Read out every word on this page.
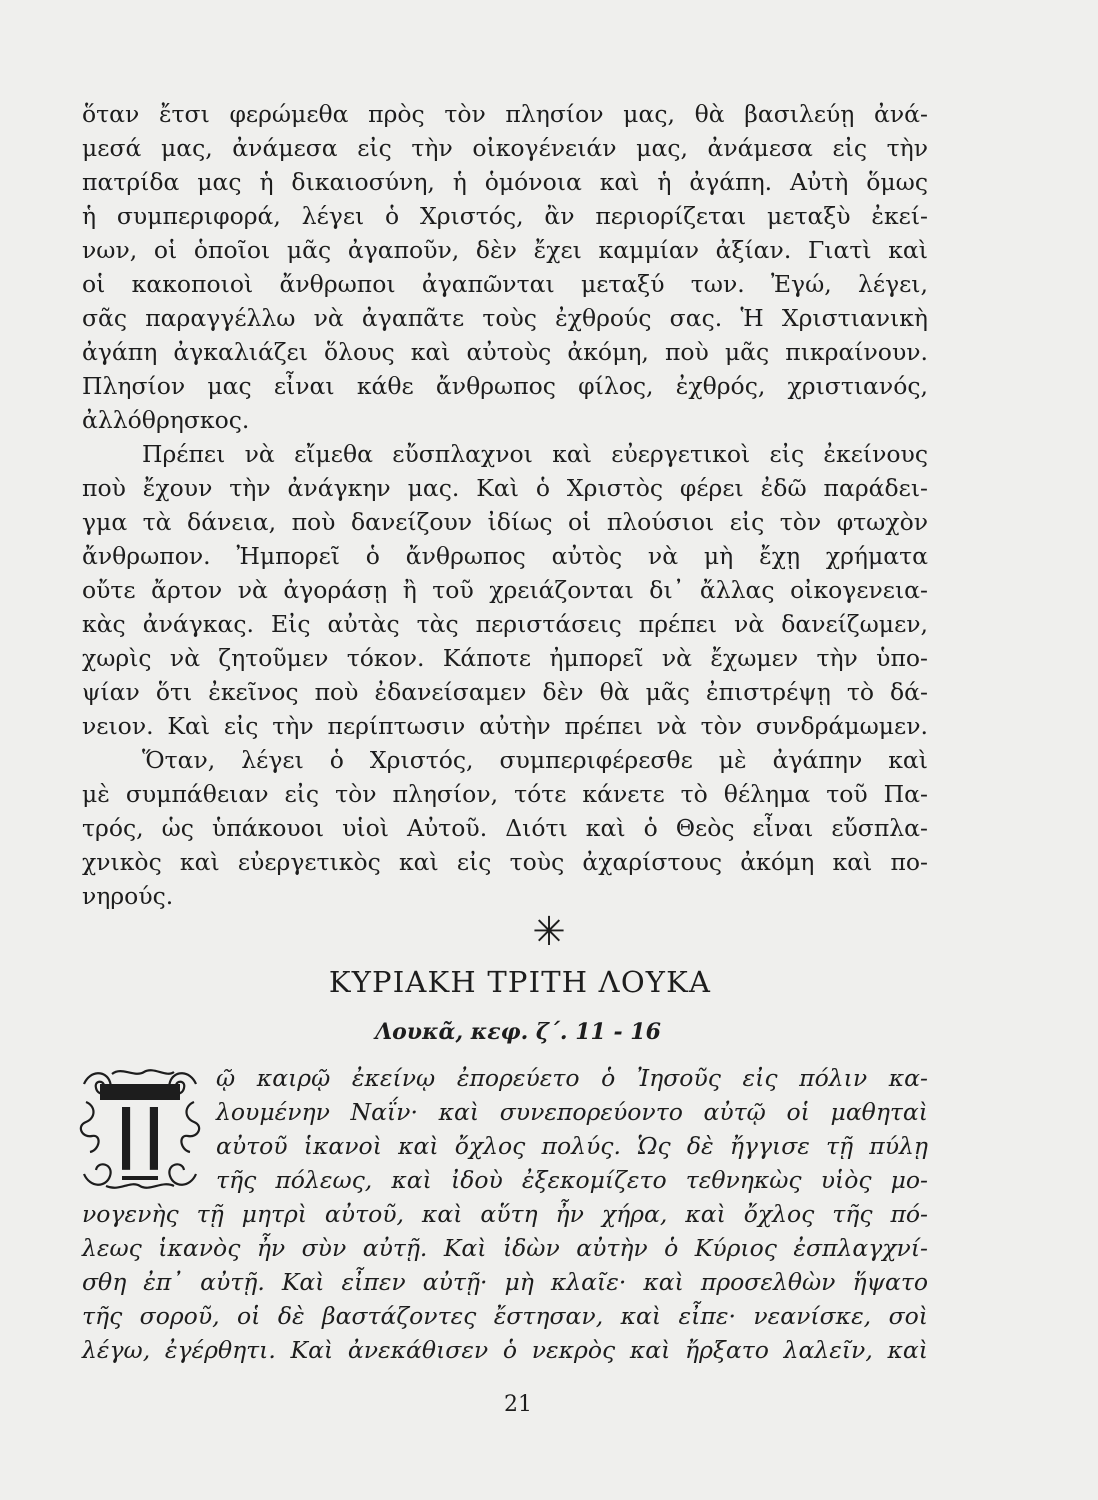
ὅταν ἔτσι φερώμεθα πρὸς τὸν πλησίον μας, θὰ βασιλεύῃ ἀνά-
μεσά μας, ἀνάμεσα εἰς τὴν οἰκογένειάν μας, ἀνάμεσα εἰς τὴν
πατρίδα μας ἡ δικαιοσύνη, ἡ ὁμόνοια καὶ ἡ ἀγάπη. Αὐτὴ ὅμως
ἡ συμπεριφορά, λέγει ὁ Χριστός, ἂν περιορίζεται μεταξὺ ἐκεί-
νων, οἱ ὁποῖοι μᾶς ἀγαποῦν, δὲν ἔχει καμμίαν ἀξίαν. Γιατὶ καὶ
οἱ κακοποιοὶ ἄνθρωποι ἀγαπῶνται μεταξύ των. Ἐγώ, λέγει,
σᾶς παραγγέλλω νὰ ἀγαπᾶτε τοὺς ἐχθρούς σας. Ἡ Χριστιανικὴ
ἀγάπη ἀγκαλιάζει ὅλους καὶ αὐτοὺς ἀκόμη, ποὺ μᾶς πικραίνουν.
Πλησίον μας εἶναι κάθε ἄνθρωπος φίλος, ἐχθρός, χριστιανός,
ἀλλόθρησκος.
Πρέπει νὰ εἴμεθα εὔσπλαχνοι καὶ εὐεργετικοὶ εἰς ἐκείνους
ποὺ ἔχουν τὴν ἀνάγκην μας. Καὶ ὁ Χριστὸς φέρει ἐδῶ παράδει-
γμα τὰ δάνεια, ποὺ δανείζουν ἰδίως οἱ πλούσιοι εἰς τὸν φτωχὸν
ἄνθρωπον. Ἠμπορεῖ ὁ ἄνθρωπος αὐτὸς νὰ μὴ ἔχῃ χρήματα
οὔτε ἄρτον νὰ ἀγοράσῃ ἢ τοῦ χρειάζονται δι᾽ ἄλλας οἰκογενεια-
κὰς ἀνάγκας. Εἰς αὐτὰς τὰς περιστάσεις πρέπει νὰ δανείζωμεν,
χωρὶς νὰ ζητοῦμεν τόκον. Κάποτε ἠμπορεῖ νὰ ἔχωμεν τὴν ὑπο-
ψίαν ὅτι ἐκεῖνος ποὺ ἐδανείσαμεν δὲν θὰ μᾶς ἐπιστρέψῃ τὸ δά-
νειον. Καὶ εἰς τὴν περίπτωσιν αὐτὴν πρέπει νὰ τὸν συνδράμωμεν.
Ὅταν, λέγει ὁ Χριστός, συμπεριφέρεσθε μὲ ἀγάπην καὶ
μὲ συμπάθειαν εἰς τὸν πλησίον, τότε κάνετε τὸ θέλημα τοῦ Πα-
τρός, ὡς ὑπάκουοι υἱοὶ Αὐτοῦ. Διότι καὶ ὁ Θεὸς εἶναι εὔσπλα-
χνικὸς καὶ εὐεργετικὸς καὶ εἰς τοὺς ἀχαρίστους ἀκόμη καὶ πο-
νηρούς.
✳
ΚΥΡΙΑΚΗ ΤΡΙΤΗ ΛΟΥΚΑ
Λουκᾶ, κεφ. ζ΄. 11 - 16
Τ ῷ καιρῷ ἐκείνῳ ἐπορεύετο ὁ Ἰησοῦς εἰς πόλιν κα-
λουμένην Ναΐν· καὶ συνεπορεύοντο αὐτῷ οἱ μαθηταὶ
αὐτοῦ ἱκανοὶ καὶ ὄχλος πολύς. Ὡς δὲ ἤγγισε τῇ πύλῃ
τῆς πόλεως, καὶ ἰδοὺ ἐξεκομίζετο τεθνηκὼς υἱὸς μο-
νογενὴς τῇ μητρὶ αὐτοῦ, καὶ αὕτη ἦν χήρα, καὶ ὄχλος τῆς πό-
λεως ἱκανὸς ἦν σὺν αὐτῇ. Καὶ ἰδὼν αὐτὴν ὁ Κύριος ἐσπλαγχνί-
σθη ἐπ᾽ αὐτῇ. Καὶ εἶπεν αὐτῇ· μὴ κλαῖε· καὶ προσελθὼν ἥψατο
τῆς σοροῦ, οἱ δὲ βαστάζοντες ἔστησαν, καὶ εἶπε· νεανίσκε, σοὶ
λέγω, ἐγέρθητι. Καὶ ἀνεκάθισεν ὁ νεκρὸς καὶ ἤρξατο λαλεῖν, καὶ
21
